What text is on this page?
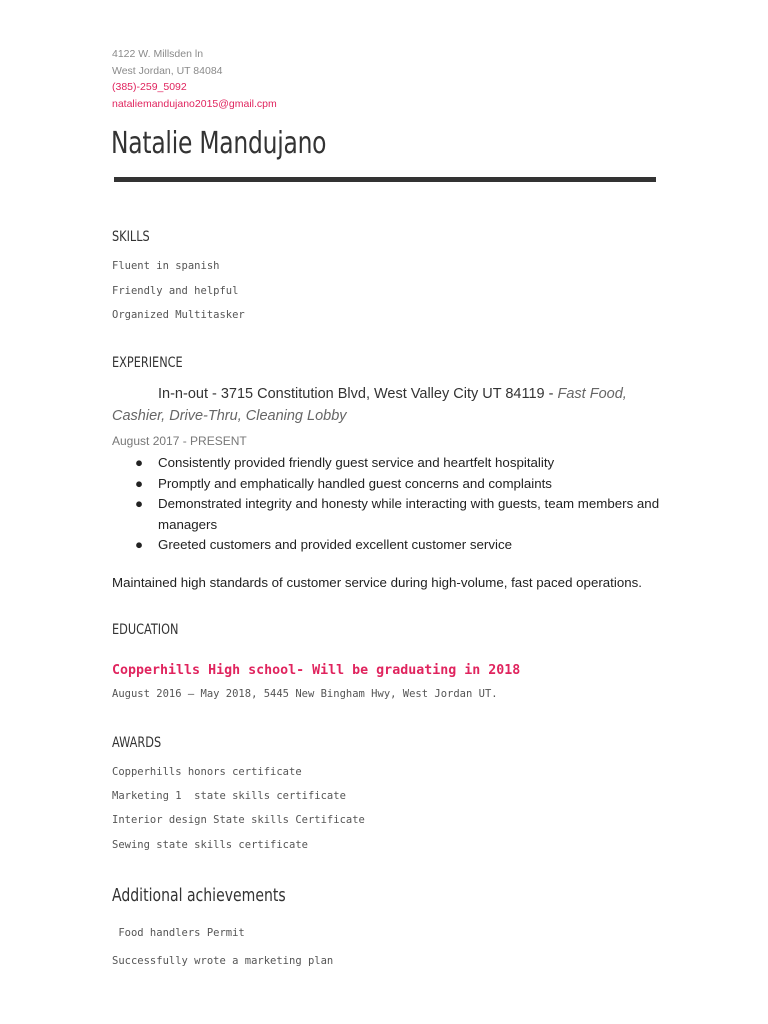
4122 W. Millsden ln
West Jordan, UT 84084
(385)-259_5092
nataliemandujano2015@gmail.cpm
Natalie Mandujano
SKILLS
Fluent in spanish
Friendly and helpful
Organized Multitasker
EXPERIENCE
In-n-out - 3715 Constitution Blvd, West Valley City UT 84119 - Fast Food, Cashier, Drive-Thru, Cleaning Lobby
August 2017 - PRESENT
● Consistently provided friendly guest service and heartfelt hospitality
● Promptly and emphatically handled guest concerns and complaints
● Demonstrated integrity and honesty while interacting with guests, team members and managers
● Greeted customers and provided excellent customer service
Maintained high standards of customer service during high-volume, fast paced operations.
EDUCATION
Copperhills High school- Will be graduating in 2018
August 2016 – May 2018, 5445 New Bingham Hwy, West Jordan UT.
AWARDS
Copperhills honors certificate
Marketing 1  state skills certificate
Interior design State skills Certificate
Sewing state skills certificate
Additional achievements
Food handlers Permit
Successfully wrote a marketing plan
